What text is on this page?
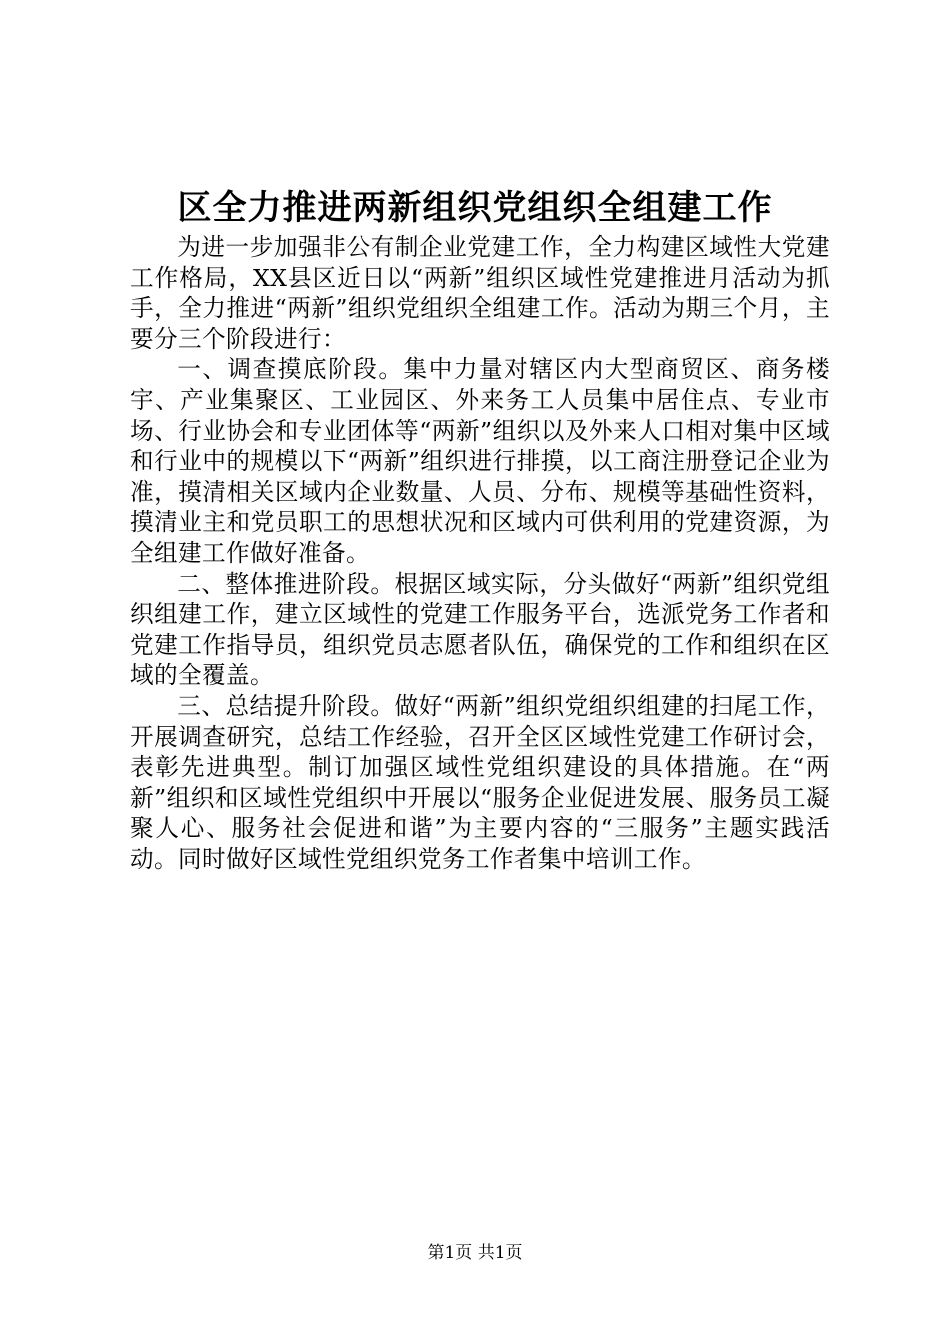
区全力推进两新组织党组织全组建工作

为进一步加强非公有制企业党建工作，全力构建区域性大党建工作格局，XX县区近日以“两新”组织区域性党建推进月活动为抓手，全力推进“两新”组织党组织全组建工作。活动为期三个月，主要分三个阶段进行：

一、调查摸底阶段。集中力量对辖区内大型商贸区、商务楼宇、产业集聚区、工业园区、外来务工人员集中居住点、专业市场、行业协会和专业团体等“两新”组织以及外来人口相对集中区域和行业中的规模以下“两新”组织进行排摸，以工商注册登记企业为准，摸清相关区域内企业数量、人员、分布、规模等基础性资料，摸清业主和党员职工的思想状况和区域内可供利用的党建资源，为全组建工作做好准备。

二、整体推进阶段。根据区域实际，分头做好“两新”组织党组织组建工作，建立区域性的党建工作服务平台，选派党务工作者和党建工作指导员，组织党员志愿者队伍，确保党的工作和组织在区域的全覆盖。

三、总结提升阶段。做好“两新”组织党组织组建的扫尾工作，开展调查研究，总结工作经验，召开全区区域性党建工作研讨会，表彰先进典型。制订加强区域性党组织建设的具体措施。在“两新”组织和区域性党组织中开展以“服务企业促进发展、服务员工凝聚人心、服务社会促进和谐”为主要内容的“三服务”主题实践活动。同时做好区域性党组织党务工作者集中培训工作。

第1页 共1页
